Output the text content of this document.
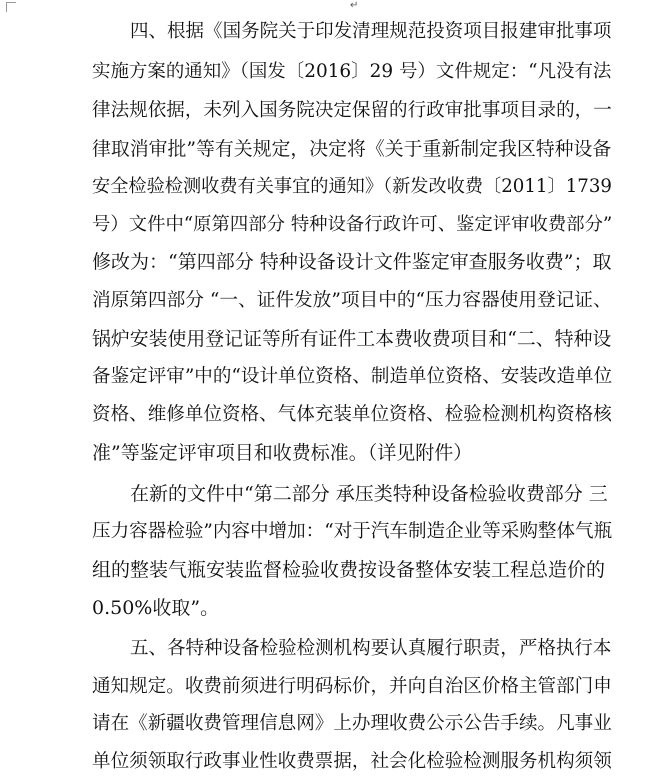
↵
四、根据《国务院关于印发清理规范投资项目报建审批事项
实施方案的通知》（国发〔2016〕29 号）文件规定：“凡没有法
律法规依据，未列入国务院决定保留的行政审批事项目录的，一
律取消审批”等有关规定，决定将《关于重新制定我区特种设备
安全检验检测收费有关事宜的通知》（新发改收费〔2011〕1739
号）文件中“原第四部分 特种设备行政许可、鉴定评审收费部分”
修改为：“第四部分 特种设备设计文件鉴定审查服务收费”；取
消原第四部分 “一、证件发放”项目中的“压力容器使用登记证、
锅炉安装使用登记证等所有证件工本费收费项目和“二、特种设
备鉴定评审”中的“设计单位资格、制造单位资格、安装改造单位
资格、维修单位资格、气体充装单位资格、检验检测机构资格核
准”等鉴定评审项目和收费标准。（详见附件）
在新的文件中“第二部分 承压类特种设备检验收费部分 三
压力容器检验”内容中增加：“对于汽车制造企业等采购整体气瓶
组的整装气瓶安装监督检验收费按设备整体安装工程总造价的
0.50%收取”。
五、各特种设备检验检测机构要认真履行职责，严格执行本
通知规定。收费前须进行明码标价，并向自治区价格主管部门申
请在《新疆收费管理信息网》上办理收费公示公告手续。凡事业
单位须领取行政事业性收费票据，社会化检验检测服务机构须领
